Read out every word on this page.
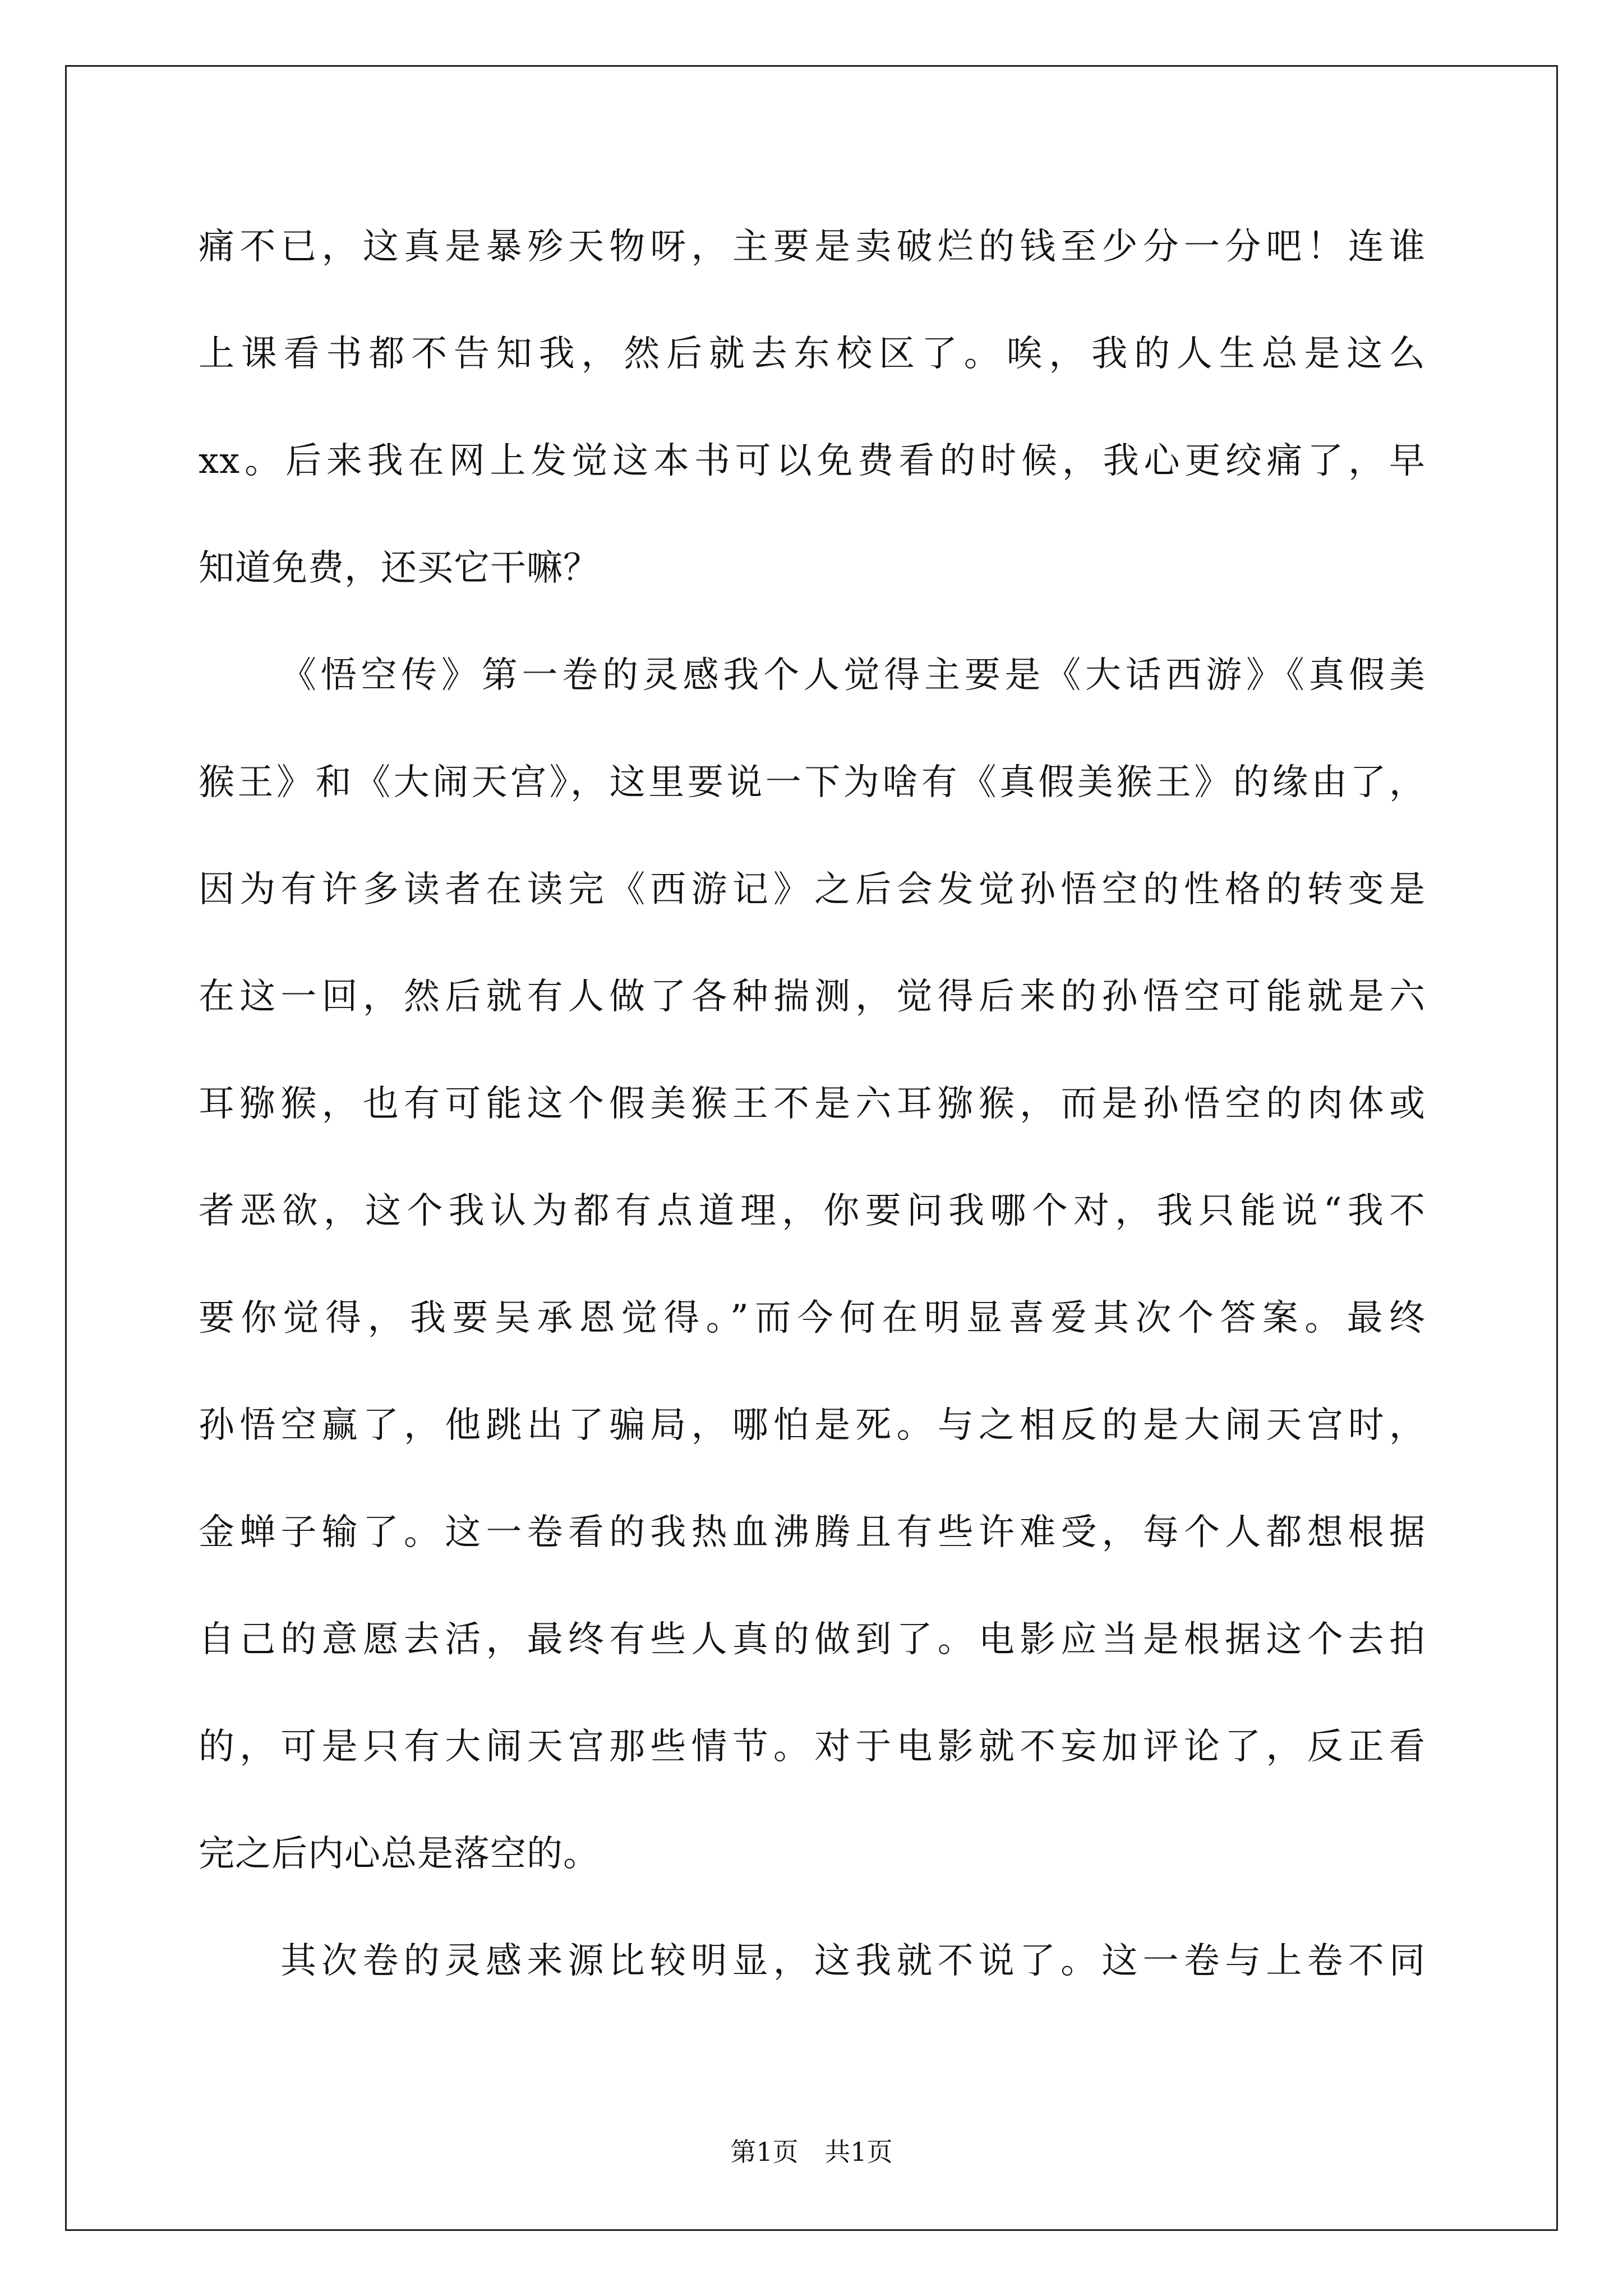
痛不已，这真是暴殄天物呀，主要是卖破烂的钱至少分一分吧！连谁
上课看书都不告知我，然后就去东校区了。唉，我的人生总是这么
xx。后来我在网上发觉这本书可以免费看的时候，我心更绞痛了，早
知道免费，还买它干嘛？
《悟空传》第一卷的灵感我个人觉得主要是《大话西游》《真假美
猴王》和《大闹天宫》，这里要说一下为啥有《真假美猴王》的缘由了，
因为有许多读者在读完《西游记》之后会发觉孙悟空的性格的转变是
在这一回，然后就有人做了各种揣测，觉得后来的孙悟空可能就是六
耳猕猴，也有可能这个假美猴王不是六耳猕猴，而是孙悟空的肉体或
者恶欲，这个我认为都有点道理，你要问我哪个对，我只能说“我不
要你觉得，我要吴承恩觉得。”而今何在明显喜爱其次个答案。最终
孙悟空赢了，他跳出了骗局，哪怕是死。与之相反的是大闹天宫时，
金蝉子输了。这一卷看的我热血沸腾且有些许难受，每个人都想根据
自己的意愿去活，最终有些人真的做到了。电影应当是根据这个去拍
的，可是只有大闹天宫那些情节。对于电影就不妄加评论了，反正看
完之后内心总是落空的。
其次卷的灵感来源比较明显，这我就不说了。这一卷与上卷不同
第1页 共1页
